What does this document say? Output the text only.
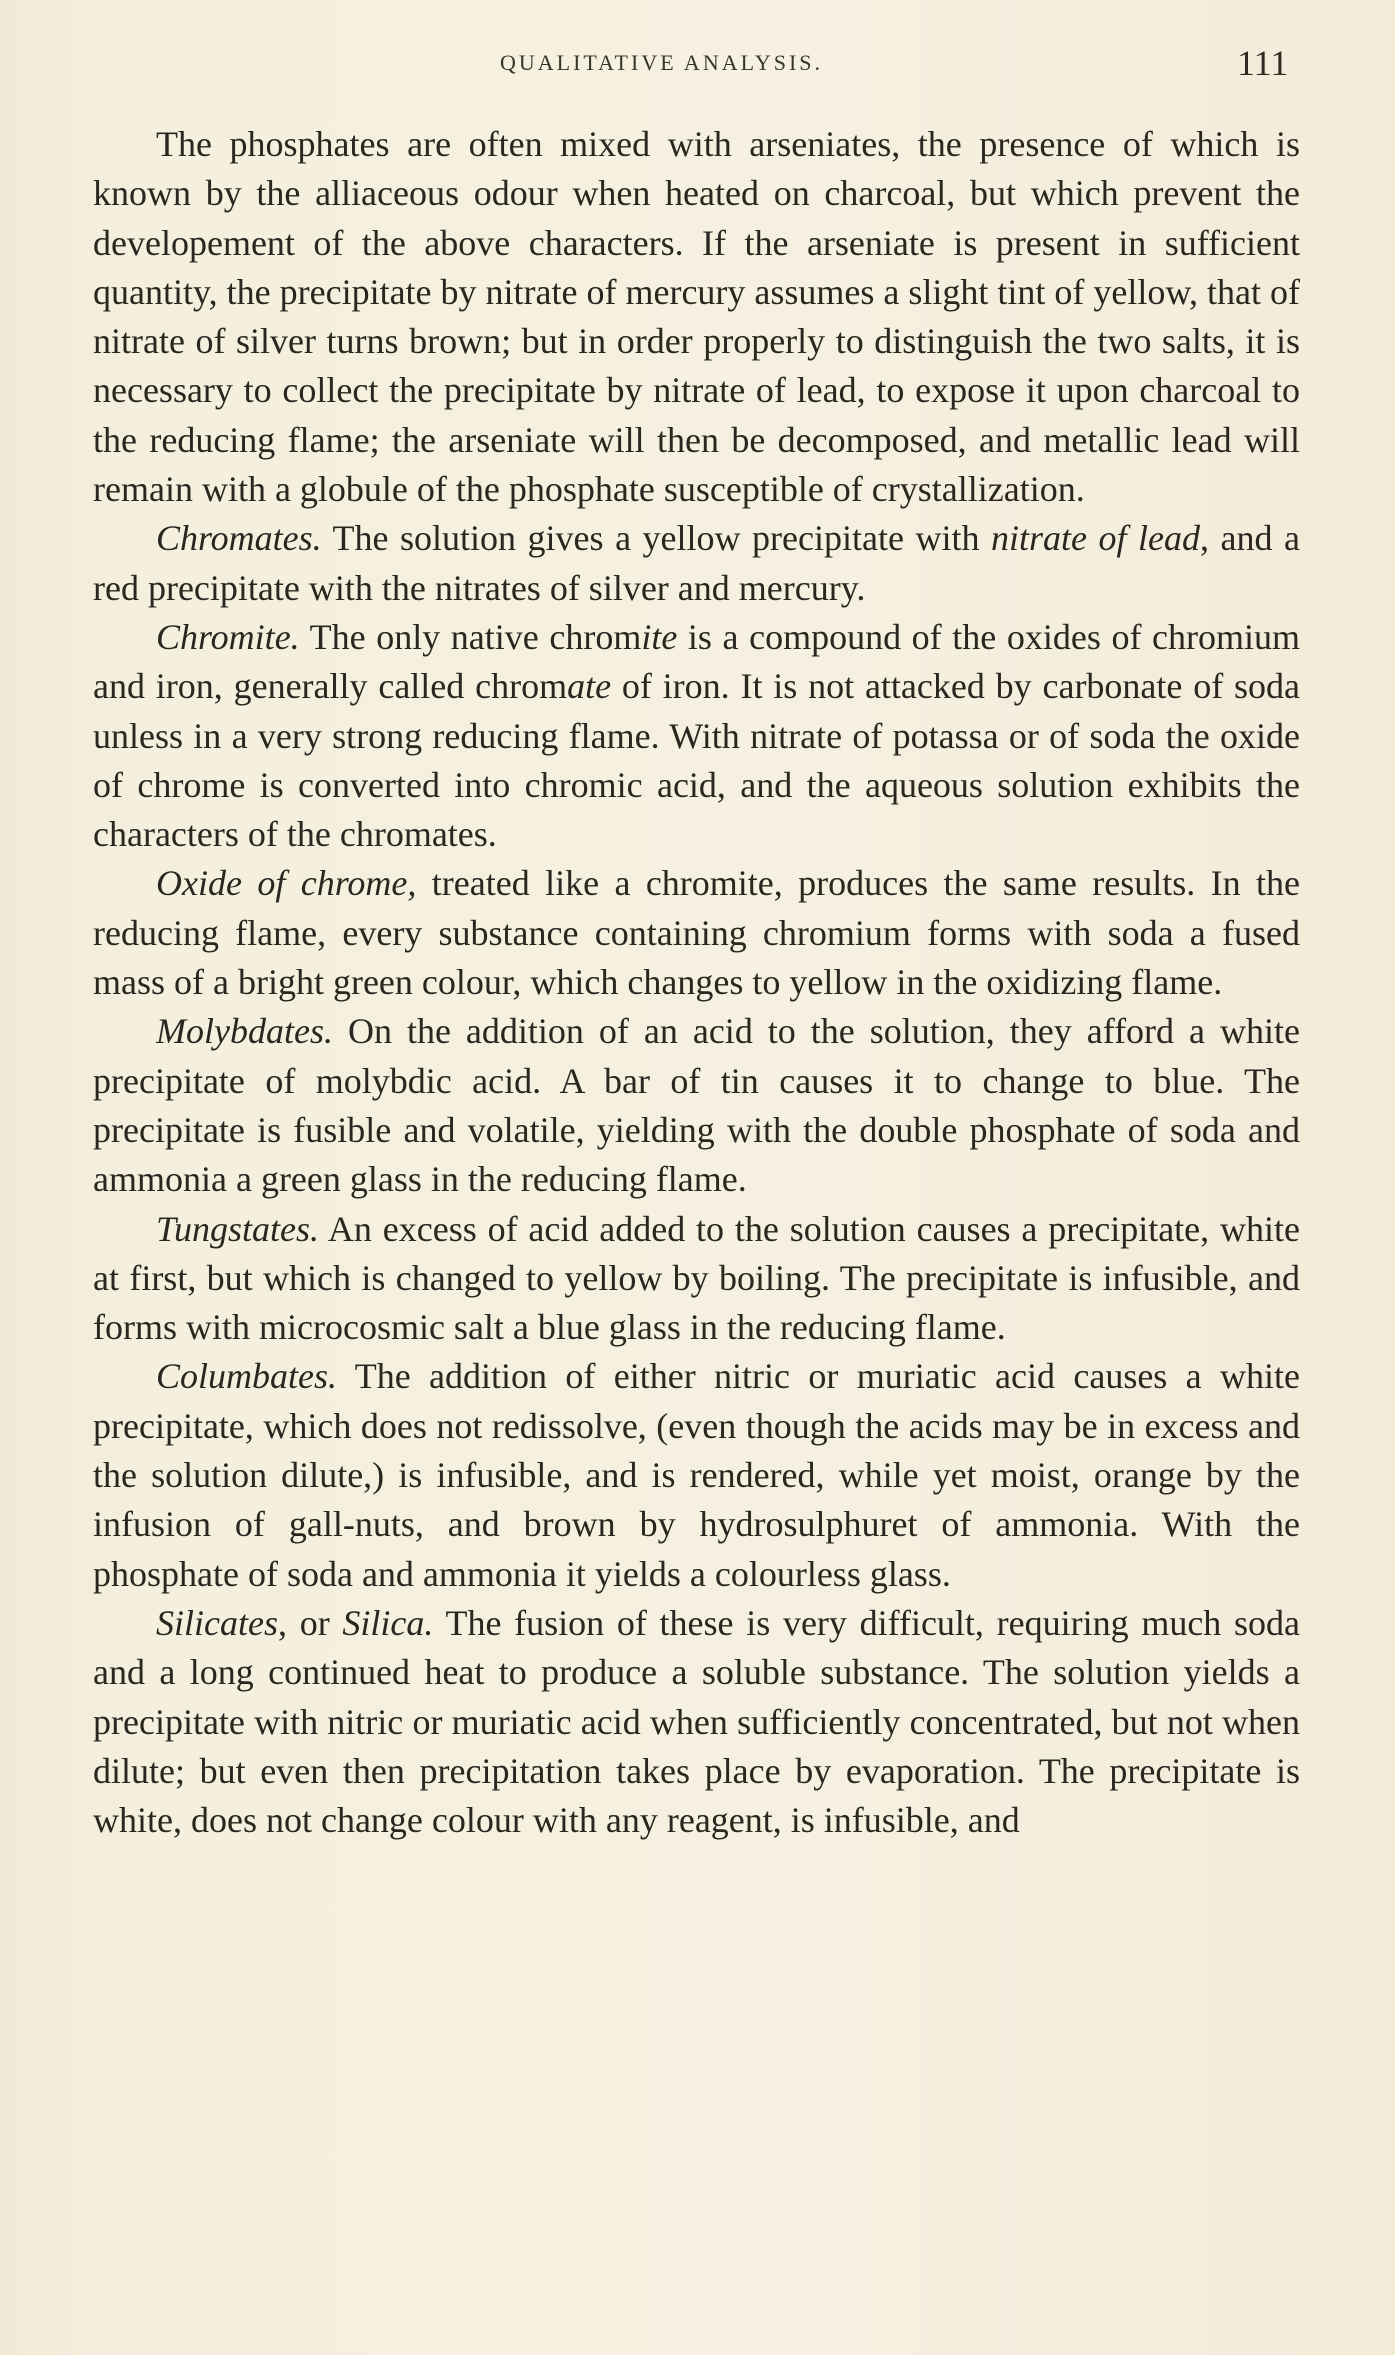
QUALITATIVE ANALYSIS.	111

The phosphates are often mixed with arseniates, the presence of which is known by the alliaceous odour when heated on charcoal, but which prevent the developement of the above characters. If the arseniate is present in sufficient quantity, the precipitate by nitrate of mercury assumes a slight tint of yellow, that of nitrate of silver turns brown; but in order properly to distinguish the two salts, it is necessary to collect the precipitate by nitrate of lead, to expose it upon charcoal to the reducing flame; the arseniate will then be decomposed, and metallic lead will remain with a globule of the phosphate susceptible of crystallization.

Chromates. The solution gives a yellow precipitate with nitrate of lead, and a red precipitate with the nitrates of silver and mercury.

Chromite. The only native chromite is a compound of the oxides of chromium and iron, generally called chromate of iron. It is not attacked by carbonate of soda unless in a very strong reducing flame. With nitrate of potassa or of soda the oxide of chrome is converted into chromic acid, and the aqueous solution exhibits the characters of the chromates.

Oxide of chrome, treated like a chromite, produces the same results. In the reducing flame, every substance containing chromium forms with soda a fused mass of a bright green colour, which changes to yellow in the oxidizing flame.

Molybdates. On the addition of an acid to the solution, they afford a white precipitate of molybdic acid. A bar of tin causes it to change to blue. The precipitate is fusible and volatile, yielding with the double phosphate of soda and ammonia a green glass in the reducing flame.

Tungstates. An excess of acid added to the solution causes a precipitate, white at first, but which is changed to yellow by boiling. The precipitate is infusible, and forms with microcosmic salt a blue glass in the reducing flame.

Columbates. The addition of either nitric or muriatic acid causes a white precipitate, which does not redissolve, (even though the acids may be in excess and the solution dilute,) is infusible, and is rendered, while yet moist, orange by the infusion of gall-nuts, and brown by hydrosulphuret of ammonia. With the phosphate of soda and ammonia it yields a colourless glass.

Silicates, or Silica. The fusion of these is very difficult, requiring much soda and a long continued heat to produce a soluble substance. The solution yields a precipitate with nitric or muriatic acid when sufficiently concentrated, but not when dilute; but even then precipitation takes place by evaporation. The precipitate is white, does not change colour with any reagent, is infusible, and
